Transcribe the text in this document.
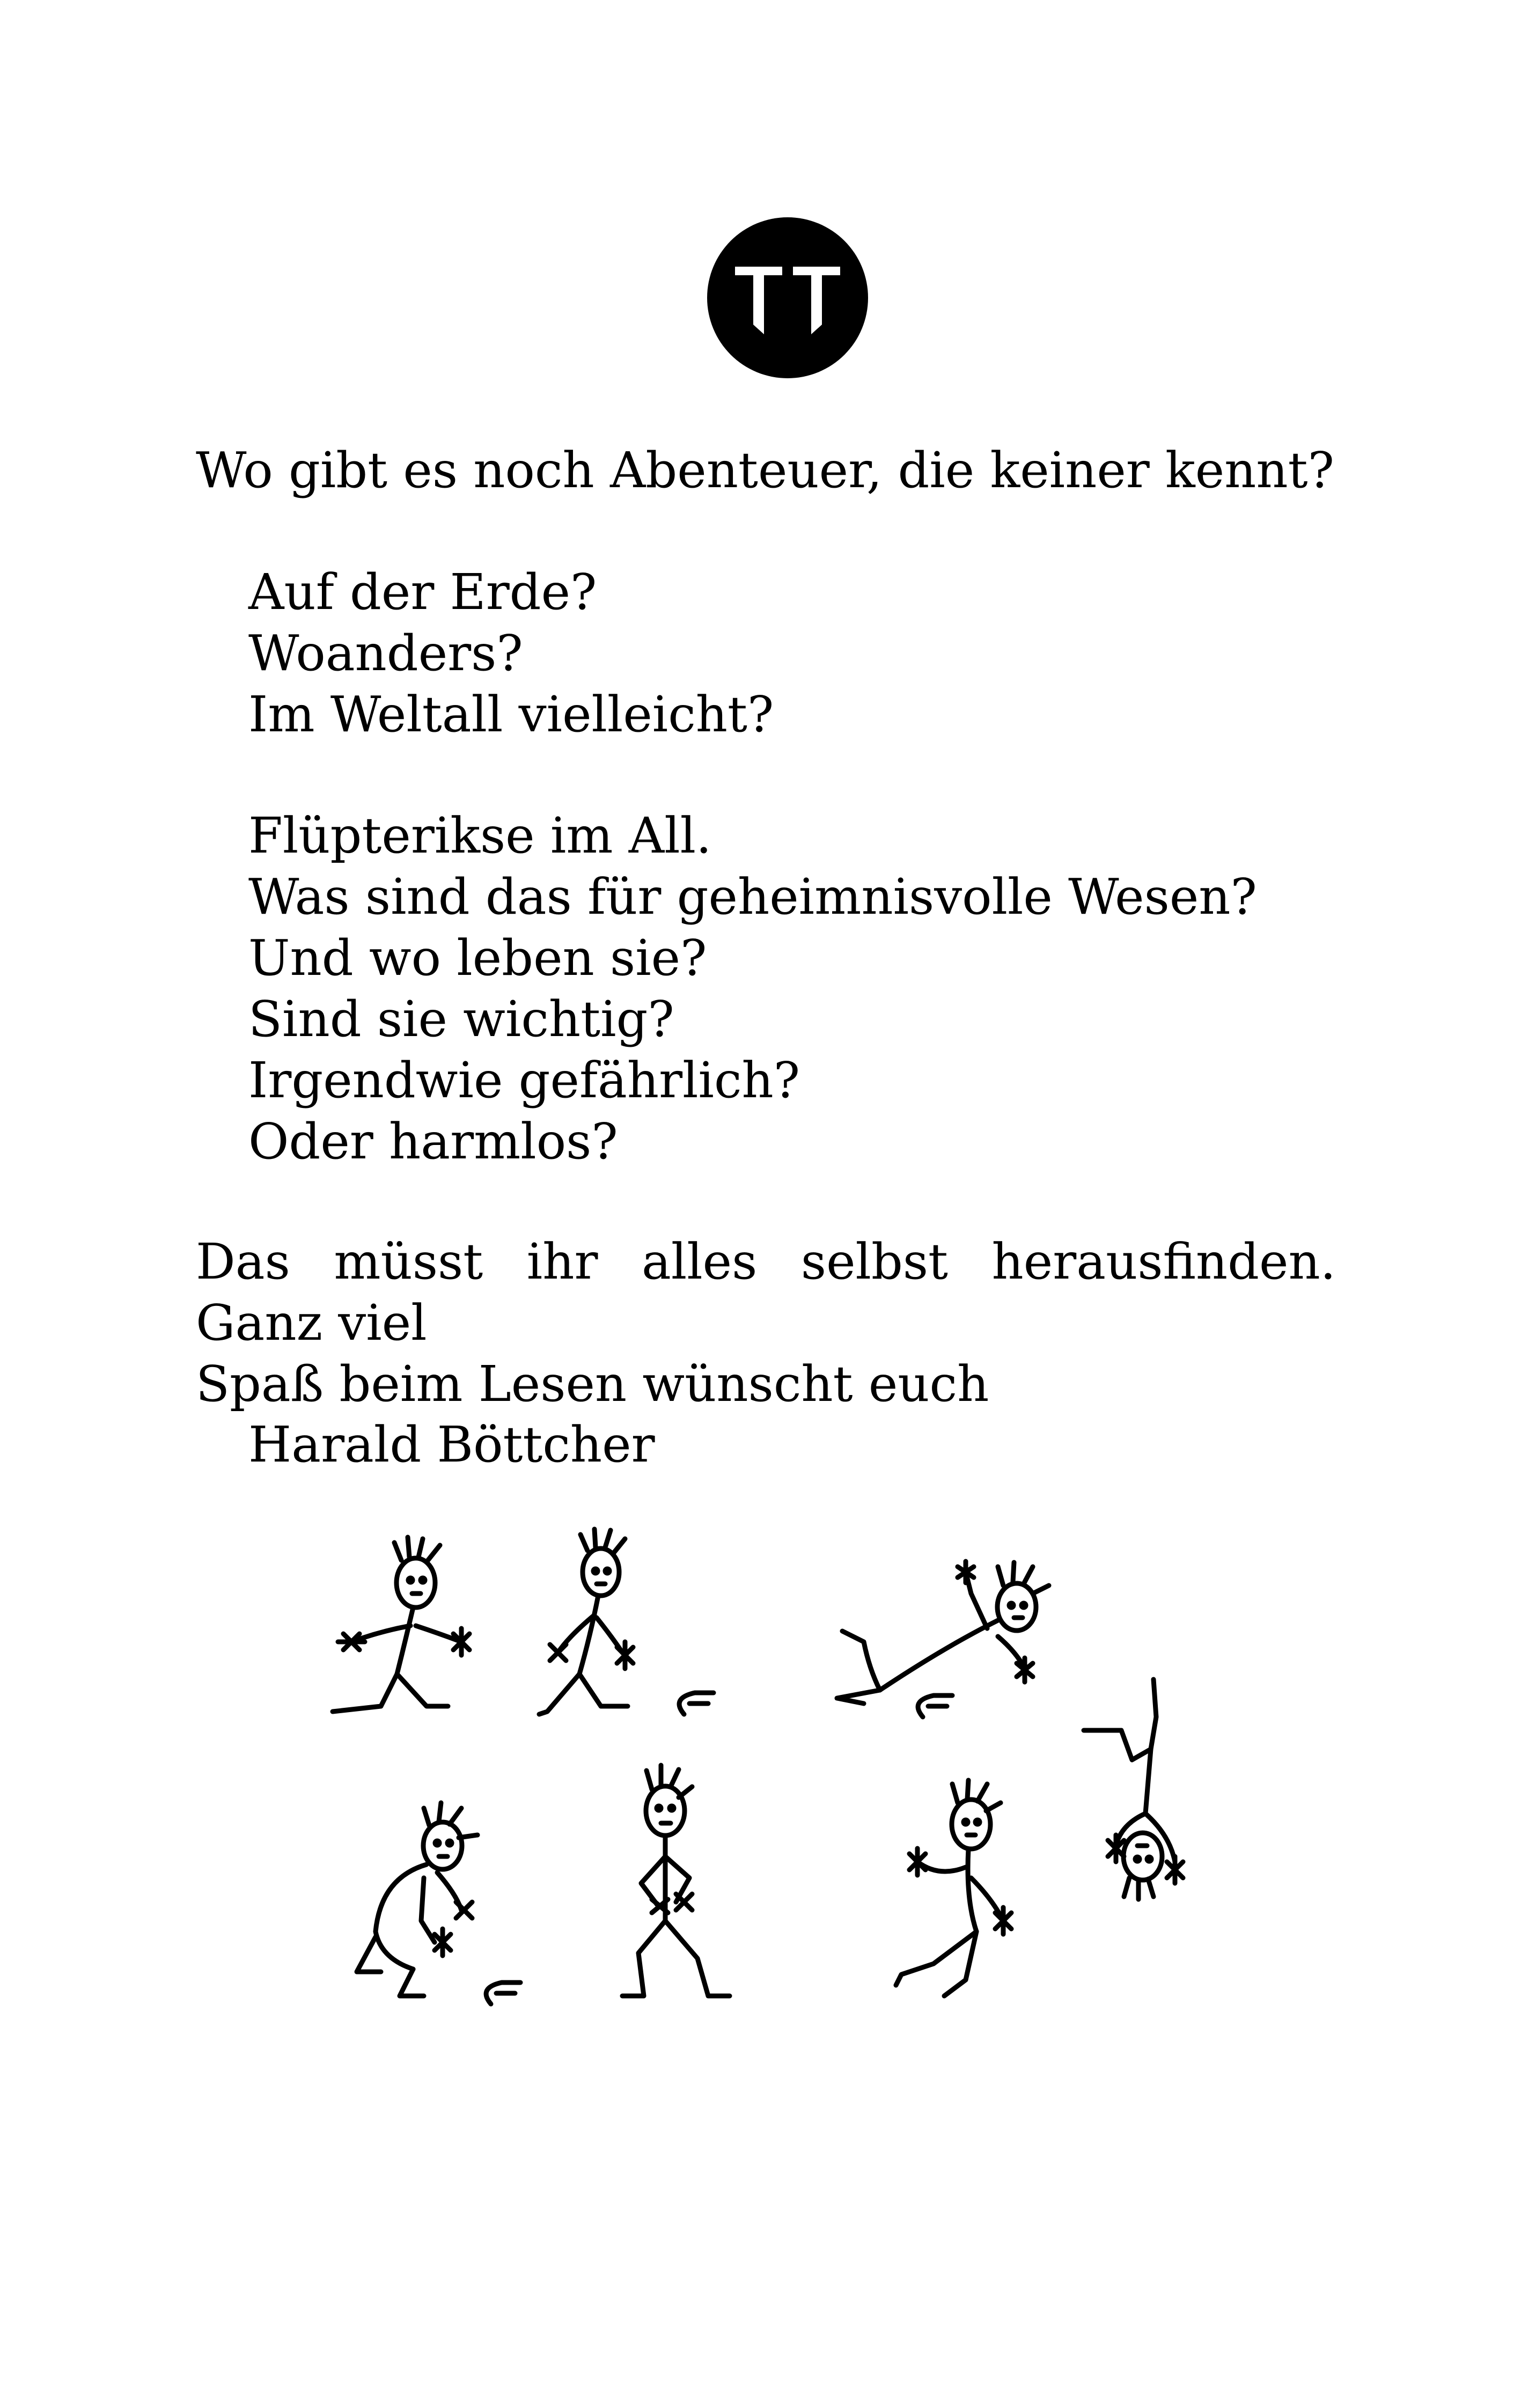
Wo gibt es noch Abenteuer, die keiner kennt?
Auf der Erde?
Woanders?
Im Weltall vielleicht?
Flüpterikse im All.
Was sind das für geheimnisvolle Wesen?
Und wo leben sie?
Sind sie wichtig?
Irgendwie gefährlich?
Oder harmlos?
Das müsst ihr alles selbst herausfinden. Ganz viel
Spaß beim Lesen wünscht euch
Harald Böttcher
